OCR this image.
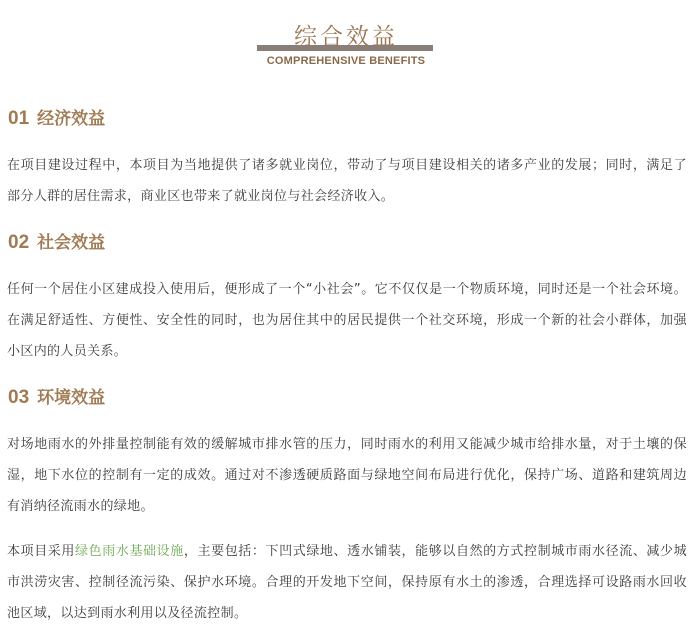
综合效益
COMPREHENSIVE BENEFITS
01 经济效益
在项目建设过程中，本项目为当地提供了诸多就业岗位，带动了与项目建设相关的诸多产业的发展；同时，满足了部分人群的居住需求，商业区也带来了就业岗位与社会经济收入。
02 社会效益
任何一个居住小区建成投入使用后，便形成了一个“小社会”。它不仅仅是一个物质环境，同时还是一个社会环境。在满足舒适性、方便性、安全性的同时，也为居住其中的居民提供一个社交环境，形成一个新的社会小群体，加强小区内的人员关系。
03 环境效益
对场地雨水的外排量控制能有效的缓解城市排水管的压力，同时雨水的利用又能减少城市给排水量，对于土壤的保湿，地下水位的控制有一定的成效。通过对不渗透硬质路面与绿地空间布局进行优化，保持广场、道路和建筑周边有消纳径流雨水的绿地。
本项目采用绿色雨水基础设施，主要包括：下凹式绿地、透水铺装，能够以自然的方式控制城市雨水径流、减少城市洪涝灾害、控制径流污染、保护水环境。合理的开发地下空间，保持原有水土的渗透，合理选择可设路雨水回收池区域，以达到雨水利用以及径流控制。
